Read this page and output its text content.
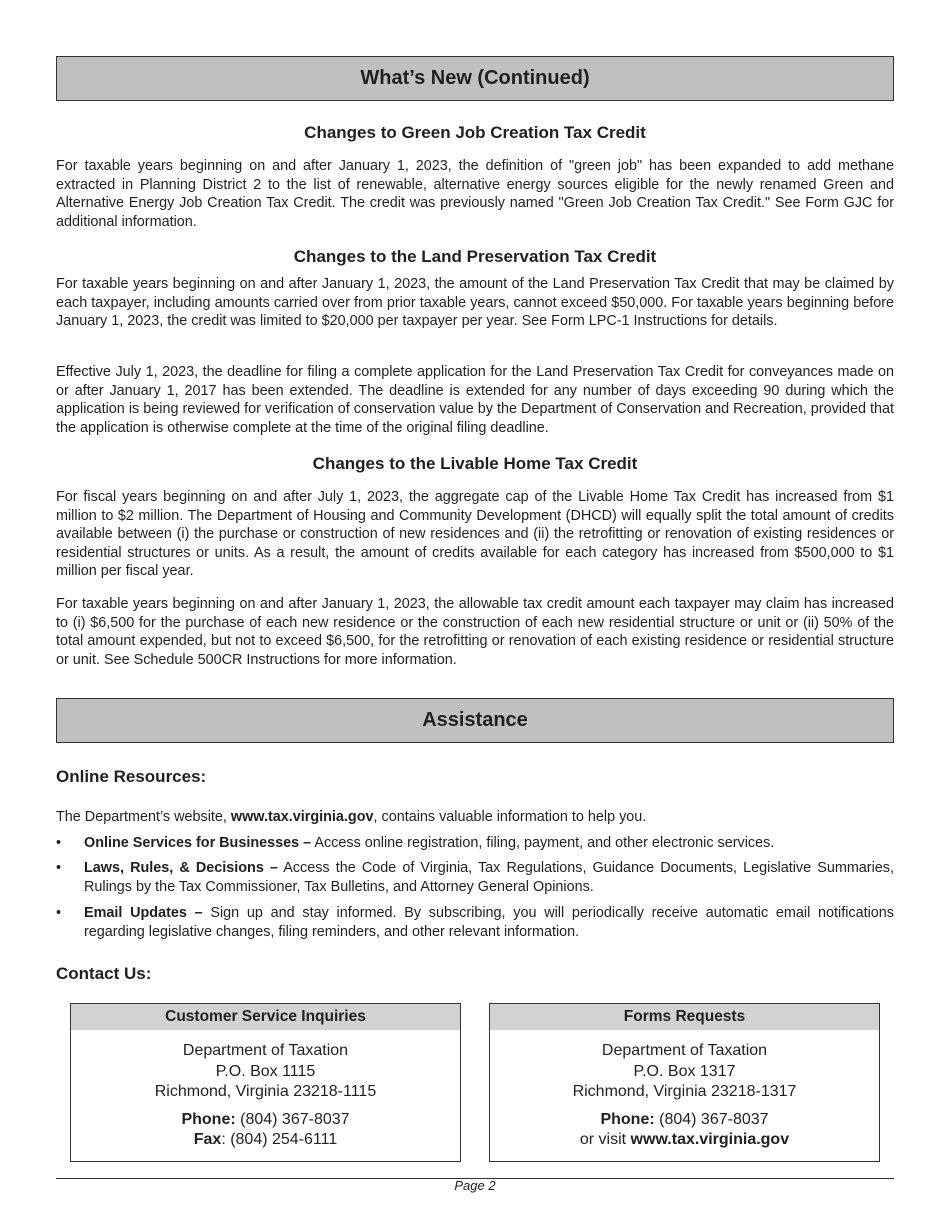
What’s New (Continued)
Changes to Green Job Creation Tax Credit

For taxable years beginning on and after January 1, 2023, the definition of "green job" has been expanded to add methane extracted in Planning District 2 to the list of renewable, alternative energy sources eligible for the newly renamed Green and Alternative Energy Job Creation Tax Credit. The credit was previously named "Green Job Creation Tax Credit." See Form GJC for additional information.

Changes to the Land Preservation Tax Credit

For taxable years beginning on and after January 1, 2023, the amount of the Land Preservation Tax Credit that may be claimed by each taxpayer, including amounts carried over from prior taxable years, cannot exceed $50,000. For taxable years beginning before January 1, 2023, the credit was limited to $20,000 per taxpayer per year. See Form LPC-1 Instructions for details.

Effective July 1, 2023, the deadline for filing a complete application for the Land Preservation Tax Credit for conveyances made on or after January 1, 2017 has been extended. The deadline is extended for any number of days exceeding 90 during which the application is being reviewed for verification of conservation value by the Department of Conservation and Recreation, provided that the application is otherwise complete at the time of the original filing deadline.

Changes to the Livable Home Tax Credit

For fiscal years beginning on and after July 1, 2023, the aggregate cap of the Livable Home Tax Credit has increased from $1 million to $2 million. The Department of Housing and Community Development (DHCD) will equally split the total amount of credits available between (i) the purchase or construction of new residences and (ii) the retrofitting or renovation of existing residences or residential structures or units. As a result, the amount of credits available for each category has increased from $500,000 to $1 million per fiscal year.

For taxable years beginning on and after January 1, 2023, the allowable tax credit amount each taxpayer may claim has increased to (i) $6,500 for the purchase of each new residence or the construction of each new residential structure or unit or (ii) 50% of the total amount expended, but not to exceed $6,500, for the retrofitting or renovation of each existing residence or residential structure or unit. See Schedule 500CR Instructions for more information.

Assistance
Online Resources:

The Department’s website, www.tax.virginia.gov, contains valuable information to help you.

• Online Services for Businesses – Access online registration, filing, payment, and other electronic services.
• Laws, Rules, & Decisions – Access the Code of Virginia, Tax Regulations, Guidance Documents, Legislative Summaries, Rulings by the Tax Commissioner, Tax Bulletins, and Attorney General Opinions.
• Email Updates – Sign up and stay informed. By subscribing, you will periodically receive automatic email notifications regarding legislative changes, filing reminders, and other relevant information.
Contact Us:
Customer Service Inquiries
Department of Taxation
P.O. Box 1115
Richmond, Virginia 23218-1115
Phone: (804) 367-8037
Fax: (804) 254-6111
Forms Requests
Department of Taxation
P.O. Box 1317
Richmond, Virginia 23218-1317
Phone: (804) 367-8037
or visit www.tax.virginia.gov
Page 2
